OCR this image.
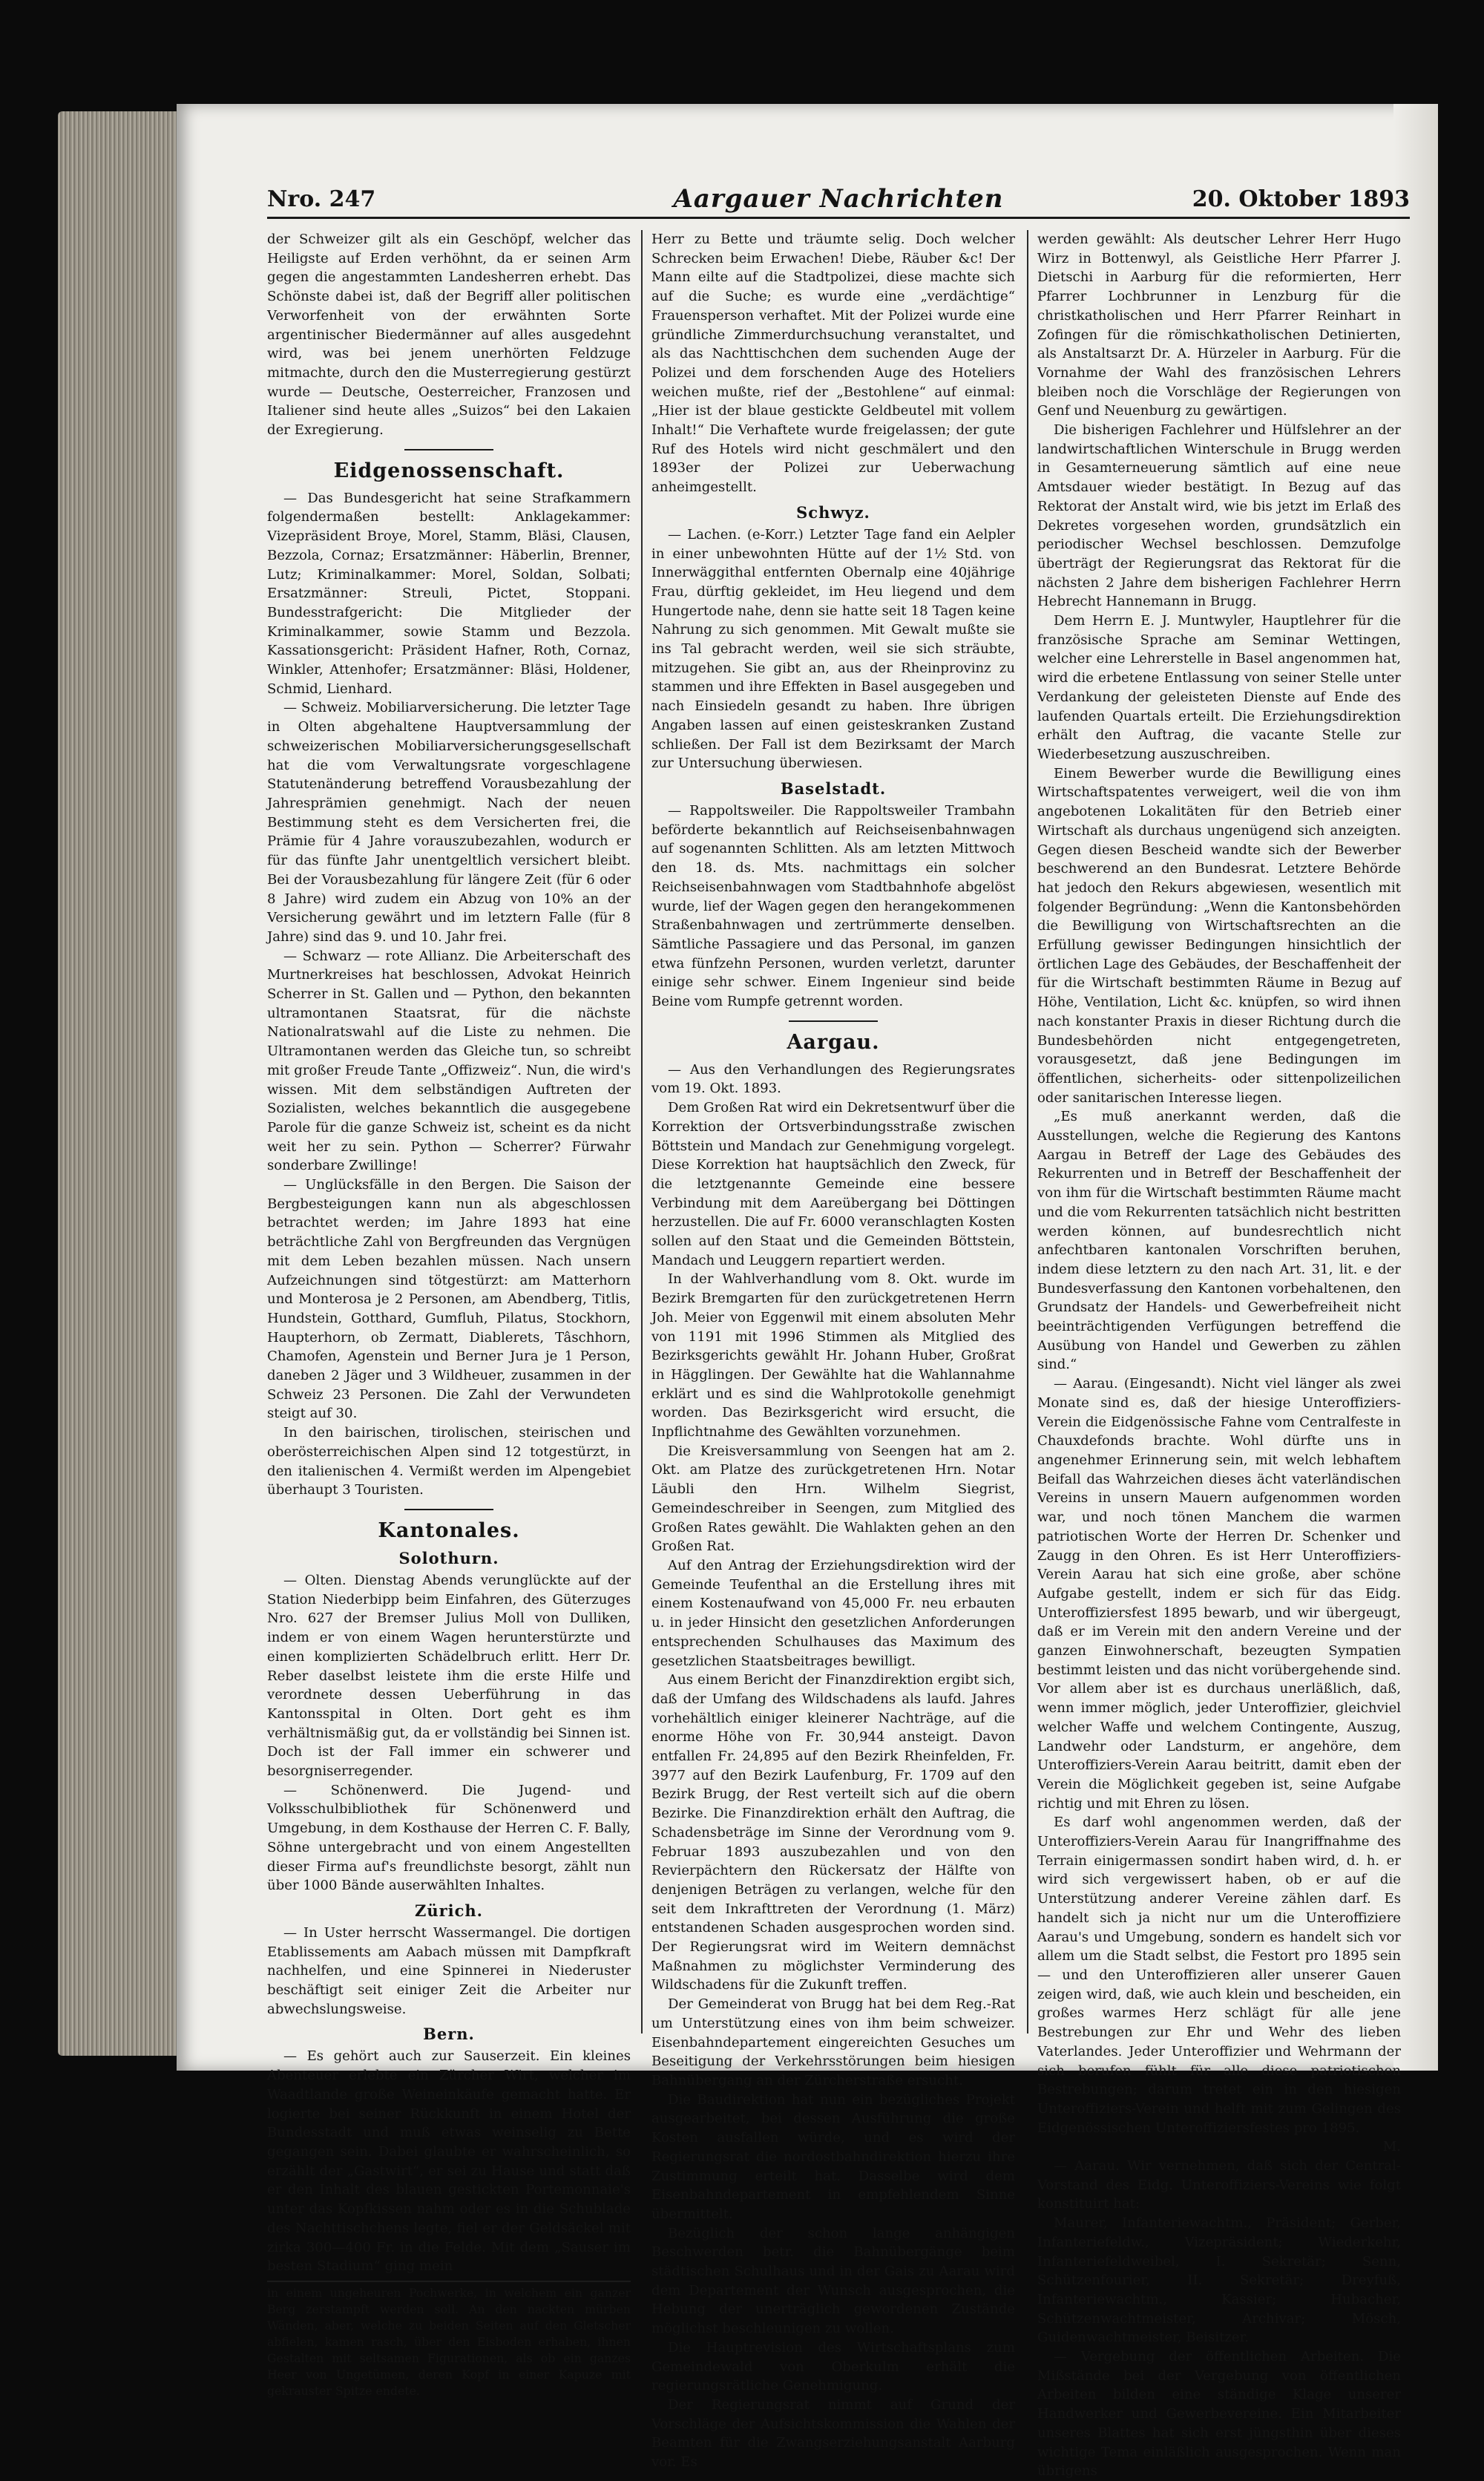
Nro. 247	Aargauer Nachrichten	20. Oktober 1893

der Schweizer gilt als ein Geschöpf, welcher das Heiligste auf Erden verhöhnt, da er seinen Arm gegen die angestammten Landesherren erhebt. Das Schönste dabei ist, daß der Begriff aller politischen Verworfenheit von der erwähnten Sorte argentinischer Biedermänner auf alles ausgedehnt wird, was bei jenem unerhörten Feldzuge mitmachte, durch den die Musterregierung gestürzt wurde — Deutsche, Oesterreicher, Franzosen und Italiener sind heute alles „Suizos“ bei den Lakaien der Exregierung.

Eidgenossenschaft.

— Das Bundesgericht hat seine Strafkammern folgendermaßen bestellt: Anklagekammer: Vizepräsident Broye, Morel, Stamm, Bläsi, Clausen, Bezzola, Cornaz; Ersatzmänner: Häberlin, Brenner, Lutz; Kriminalkammer: Morel, Soldan, Solbati; Ersatzmänner: Streuli, Pictet, Stoppani. Bundesstrafgericht: Die Mitglieder der Kriminalkammer, sowie Stamm und Bezzola. Kassationsgericht: Präsident Hafner, Roth, Cornaz, Winkler, Attenhofer; Ersatzmänner: Bläsi, Holdener, Schmid, Lienhard.

— Schweiz. Mobiliarversicherung. Die letzter Tage in Olten abgehaltene Hauptversammlung der schweizerischen Mobiliarversicherungsgesellschaft hat die vom Verwaltungsrate vorgeschlagene Statutenänderung betreffend Vorausbezahlung der Jahresprämien genehmigt. Nach der neuen Bestimmung steht es dem Versicherten frei, die Prämie für 4 Jahre vorauszubezahlen, wodurch er für das fünfte Jahr unentgeltlich versichert bleibt. Bei der Vorausbezahlung für längere Zeit (für 6 oder 8 Jahre) wird zudem ein Abzug von 10% an der Versicherung gewährt und im letztern Falle (für 8 Jahre) sind das 9. und 10. Jahr frei.

— Schwarz — rote Allianz. Die Arbeiterschaft des Murtnerkreises hat beschlossen, Advokat Heinrich Scherrer in St. Gallen und — Python, den bekannten ultramontanen Staatsrat, für die nächste Nationalratswahl auf die Liste zu nehmen. Die Ultramontanen werden das Gleiche tun, so schreibt mit großer Freude Tante „Offizweiz“. Nun, die wird's wissen. Mit dem selbständigen Auftreten der Sozialisten, welches bekanntlich die ausgegebene Parole für die ganze Schweiz ist, scheint es da nicht weit her zu sein. Python — Scherrer? Fürwahr sonderbare Zwillinge!

— Unglücksfälle in den Bergen. Die Saison der Bergbesteigungen kann nun als abgeschlossen betrachtet werden; im Jahre 1893 hat eine beträchtliche Zahl von Bergfreunden das Vergnügen mit dem Leben bezahlen müssen. Nach unsern Aufzeichnungen sind tötgestürzt: am Matterhorn und Monterosa je 2 Personen, am Abendberg, Titlis, Hundstein, Gotthard, Gumfluh, Pilatus, Stockhorn, Haupterhorn, ob Zermatt, Diablerets, Tâschhorn, Chamofen, Agenstein und Berner Jura je 1 Person, daneben 2 Jäger und 3 Wildheuer, zusammen in der Schweiz 23 Personen. Die Zahl der Verwundeten steigt auf 30.

In den bairischen, tirolischen, steirischen und oberösterreichischen Alpen sind 12 totgestürzt, in den italienischen 4. Vermißt werden im Alpengebiet überhaupt 3 Touristen.

Kantonales.
Solothurn.

— Olten. Dienstag Abends verunglückte auf der Station Niederbipp beim Einfahren, des Güterzuges Nro. 627 der Bremser Julius Moll von Dulliken, indem er von einem Wagen herunterstürzte und einen komplizierten Schädelbruch erlitt. Herr Dr. Reber daselbst leistete ihm die erste Hilfe und verordnete dessen Ueberführung in das Kantonsspital in Olten. Dort geht es ihm verhältnismäßig gut, da er vollständig bei Sinnen ist. Doch ist der Fall immer ein schwerer und besorgniserregender.

— Schönenwerd. Die Jugend- und Volksschulbibliothek für Schönenwerd und Umgebung, in dem Kosthause der Herren C. F. Bally, Söhne untergebracht und von einem Angestellten dieser Firma auf's freundlichste besorgt, zählt nun über 1000 Bände auserwählten Inhaltes.

Zürich.

— In Uster herrscht Wassermangel. Die dortigen Etablissements am Aabach müssen mit Dampfkraft nachhelfen, und eine Spinnerei in Niederuster beschäftigt seit einiger Zeit die Arbeiter nur abwechslungsweise.

Bern.

— Es gehört auch zur Sauserzeit. Ein kleines Abenteuer erlebte ein Zürcher Wirt, welcher im Waadtlande große Weineinkäufe gemacht hatte. Er logierte bei seiner Rückkunft in einem Hotel der Bundesstadt und muß etwas weinselig zu Bette gegangen sein. Dabei glaubte er wahrscheinlich, so erzählt der „Gastwirt“, er sei zu Hause und statt daß er den Inhalt des blauen gestickten Portemonnaie's unter das Kopfkissen nahm oder es in die Schublade des Nachttischchens legte, fiel er der Geldsäckel mit zirka 300—400 Fr. in die Felde. Mit dem „Sauser im besten Stadium“ ging mein

in einem ungeheuren Pochwerke, in welchem ein ganzer Berg zerstampft werden soll. An den nackten mürben Wänden, aber, welche zu beiden Seiten auf den Gletscher abfielen, kamen rasch, über den Eisboden erhaben, ihnen Gestalten mit seltsamen Figurationen, als ob ein ganzes Heer von Ungetümen, deren Kopf in einer Kapuze mit gekrauster Spitze endete.

Herr zu Bette und träumte selig. Doch welcher Schrecken beim Erwachen! Diebe, Räuber &c! Der Mann eilte auf die Stadtpolizei, diese machte sich auf die Suche; es wurde eine „verdächtige“ Frauensperson verhaftet. Mit der Polizei wurde eine gründliche Zimmerdurchsuchung veranstaltet, und als das Nachttischchen dem suchenden Auge der Polizei und dem forschenden Auge des Hoteliers weichen mußte, rief der „Bestohlene“ auf einmal: „Hier ist der blaue gestickte Geldbeutel mit vollem Inhalt!“ Die Verhaftete wurde freigelassen; der gute Ruf des Hotels wird nicht geschmälert und den 1893er der Polizei zur Ueberwachung anheimgestellt.

Schwyz.

— Lachen. (e-Korr.) Letzter Tage fand ein Aelpler in einer unbewohnten Hütte auf der 1½ Std. von Innerwäggithal entfernten Obernalp eine 40jährige Frau, dürftig gekleidet, im Heu liegend und dem Hungertode nahe, denn sie hatte seit 18 Tagen keine Nahrung zu sich genommen. Mit Gewalt mußte sie ins Tal gebracht werden, weil sie sich sträubte, mitzugehen. Sie gibt an, aus der Rheinprovinz zu stammen und ihre Effekten in Basel ausgegeben und nach Einsiedeln gesandt zu haben. Ihre übrigen Angaben lassen auf einen geisteskranken Zustand schließen. Der Fall ist dem Bezirksamt der March zur Untersuchung überwiesen.

Baselstadt.

— Rappoltsweiler. Die Rappoltsweiler Trambahn beförderte bekanntlich auf Reichseisenbahnwagen auf sogenannten Schlitten. Als am letzten Mittwoch den 18. ds. Mts. nachmittags ein solcher Reichseisenbahnwagen vom Stadtbahnhofe abgelöst wurde, lief der Wagen gegen den herangekommenen Straßenbahnwagen und zertrümmerte denselben. Sämtliche Passagiere und das Personal, im ganzen etwa fünfzehn Personen, wurden verletzt, darunter einige sehr schwer. Einem Ingenieur sind beide Beine vom Rumpfe getrennt worden.

Aargau.

— Aus den Verhandlungen des Regierungsrates vom 19. Okt. 1893.

Dem Großen Rat wird ein Dekretsentwurf über die Korrektion der Ortsverbindungsstraße zwischen Böttstein und Mandach zur Genehmigung vorgelegt. Diese Korrektion hat hauptsächlich den Zweck, für die letztgenannte Gemeinde eine bessere Verbindung mit dem Aareübergang bei Döttingen herzustellen. Die auf Fr. 6000 veranschlagten Kosten sollen auf den Staat und die Gemeinden Böttstein, Mandach und Leuggern repartiert werden.

In der Wahlverhandlung vom 8. Okt. wurde im Bezirk Bremgarten für den zurückgetretenen Herrn Joh. Meier von Eggenwil mit einem absoluten Mehr von 1191 mit 1996 Stimmen als Mitglied des Bezirksgerichts gewählt Hr. Johann Huber, Großrat in Hägglingen. Der Gewählte hat die Wahlannahme erklärt und es sind die Wahlprotokolle genehmigt worden. Das Bezirksgericht wird ersucht, die Inpflichtnahme des Gewählten vorzunehmen.

Die Kreisversammlung von Seengen hat am 2. Okt. am Platze des zurückgetretenen Hrn. Notar Läubli den Hrn. Wilhelm Siegrist, Gemeindeschreiber in Seengen, zum Mitglied des Großen Rates gewählt. Die Wahlakten gehen an den Großen Rat.

Auf den Antrag der Erziehungsdirektion wird der Gemeinde Teufenthal an die Erstellung ihres mit einem Kostenaufwand von 45,000 Fr. neu erbauten u. in jeder Hinsicht den gesetzlichen Anforderungen entsprechenden Schulhauses das Maximum des gesetzlichen Staatsbeitrages bewilligt.

Aus einem Bericht der Finanzdirektion ergibt sich, daß der Umfang des Wildschadens als laufd. Jahres vorhehältlich einiger kleinerer Nachträge, auf die enorme Höhe von Fr. 30,944 ansteigt. Davon entfallen Fr. 24,895 auf den Bezirk Rheinfelden, Fr. 3977 auf den Bezirk Laufenburg, Fr. 1709 auf den Bezirk Brugg, der Rest verteilt sich auf die obern Bezirke. Die Finanzdirektion erhält den Auftrag, die Schadensbeträge im Sinne der Verordnung vom 9. Februar 1893 auszubezahlen und von den Revierpächtern den Rückersatz der Hälfte von denjenigen Beträgen zu verlangen, welche für den seit dem Inkrafttreten der Verordnung (1. März) entstandenen Schaden ausgesprochen worden sind. Der Regierungsrat wird im Weitern demnächst Maßnahmen zu möglichster Verminderung des Wildschadens für die Zukunft treffen.

Der Gemeinderat von Brugg hat bei dem Reg.-Rat um Unterstützung eines von ihm beim schweizer. Eisenbahndepartement eingereichten Gesuches um Beseitigung der Verkehrsstörungen beim hiesigen Bahnübergang an der Zürcherstraße ersucht.

Die Baudirektion hat nun ein bezügliches Projekt ausgearbeitet, bei dessen Ausführung die große Kosten ausfallen würde, und es wird der Regierungsrat die nordostbahndirektion hierzu ihre Zustimmung erteilt hat. Dasselbe wird dem Eisenbahndepartement in empfehlendem Sinne übermittelt.

Bezüglich der schon lange anhängigen Beschwerden betr. die Bahnübergänge beim städtischen Schulhaus und in der Gais zu Aarau wird dem Departement der Wunsch ausgesprochen, die Hebung der unerträglich gewordenen Zustände möglichst beschleunigen zu wollen.

Die Hauptrevision des Wirtschaftsplans zum Gemeindewald von Oberkulm erhält die regierungsrätliche Genehmigung.

Der Regierungsrat nimmt auf Grund der Vorschläge der Aufsichtskommission die Wahlen der Beamten für die Zwangserziehungsanstalt Aarburg vor. Es

werden gewählt: Als deutscher Lehrer Herr Hugo Wirz in Bottenwyl, als Geistliche Herr Pfarrer J. Dietschi in Aarburg für die reformierten, Herr Pfarrer Lochbrunner in Lenzburg für die christkatholischen und Herr Pfarrer Reinhart in Zofingen für die römischkatholischen Detinierten, als Anstaltsarzt Dr. A. Hürzeler in Aarburg. Für die Vornahme der Wahl des französischen Lehrers bleiben noch die Vorschläge der Regierungen von Genf und Neuenburg zu gewärtigen.

Die bisherigen Fachlehrer und Hülfslehrer an der landwirtschaftlichen Winterschule in Brugg werden in Gesamterneuerung sämtlich auf eine neue Amtsdauer wieder bestätigt. In Bezug auf das Rektorat der Anstalt wird, wie bis jetzt im Erlaß des Dekretes vorgesehen worden, grundsätzlich ein periodischer Wechsel beschlossen. Demzufolge überträgt der Regierungsrat das Rektorat für die nächsten 2 Jahre dem bisherigen Fachlehrer Herrn Hebrecht Hannemann in Brugg.

Dem Herrn E. J. Muntwyler, Hauptlehrer für die französische Sprache am Seminar Wettingen, welcher eine Lehrerstelle in Basel angenommen hat, wird die erbetene Entlassung von seiner Stelle unter Verdankung der geleisteten Dienste auf Ende des laufenden Quartals erteilt. Die Erziehungsdirektion erhält den Auftrag, die vacante Stelle zur Wiederbesetzung auszuschreiben.

Einem Bewerber wurde die Bewilligung eines Wirtschaftspatentes verweigert, weil die von ihm angebotenen Lokalitäten für den Betrieb einer Wirtschaft als durchaus ungenügend sich anzeigten. Gegen diesen Bescheid wandte sich der Bewerber beschwerend an den Bundesrat. Letztere Behörde hat jedoch den Rekurs abgewiesen, wesentlich mit folgender Begründung: „Wenn die Kantonsbehörden die Bewilligung von Wirtschaftsrechten an die Erfüllung gewisser Bedingungen hinsichtlich der örtlichen Lage des Gebäudes, der Beschaffenheit der für die Wirtschaft bestimmten Räume in Bezug auf Höhe, Ventilation, Licht &c. knüpfen, so wird ihnen nach konstanter Praxis in dieser Richtung durch die Bundesbehörden nicht entgegengetreten, vorausgesetzt, daß jene Bedingungen im öffentlichen, sicherheits- oder sittenpolizeilichen oder sanitarischen Interesse liegen.

„Es muß anerkannt werden, daß die Ausstellungen, welche die Regierung des Kantons Aargau in Betreff der Lage des Gebäudes des Rekurrenten und in Betreff der Beschaffenheit der von ihm für die Wirtschaft bestimmten Räume macht und die vom Rekurrenten tatsächlich nicht bestritten werden können, auf bundesrechtlich nicht anfechtbaren kantonalen Vorschriften beruhen, indem diese letztern zu den nach Art. 31, lit. e der Bundesverfassung den Kantonen vorbehaltenen, den Grundsatz der Handels- und Gewerbefreiheit nicht beeinträchtigenden Verfügungen betreffend die Ausübung von Handel und Gewerben zu zählen sind.“

— Aarau. (Eingesandt). Nicht viel länger als zwei Monate sind es, daß der hiesige Unteroffiziers-Verein die Eidgenössische Fahne vom Centralfeste in Chauxdefonds brachte. Wohl dürfte uns in angenehmer Erinnerung sein, mit welch lebhaftem Beifall das Wahrzeichen dieses ächt vaterländischen Vereins in unsern Mauern aufgenommen worden war, und noch tönen Manchem die warmen patriotischen Worte der Herren Dr. Schenker und Zaugg in den Ohren. Es ist Herr Unteroffiziers-Verein Aarau hat sich eine große, aber schöne Aufgabe gestellt, indem er sich für das Eidg. Unteroffiziersfest 1895 bewarb, und wir übergeugt, daß er im Verein mit den andern Vereine und der ganzen Einwohnerschaft, bezeugten Sympatien bestimmt leisten und das nicht vorübergehende sind. Vor allem aber ist es durchaus unerläßlich, daß, wenn immer möglich, jeder Unteroffizier, gleichviel welcher Waffe und welchem Contingente, Auszug, Landwehr oder Landsturm, er angehöre, dem Unteroffiziers-Verein Aarau beitritt, damit eben der Verein die Möglichkeit gegeben ist, seine Aufgabe richtig und mit Ehren zu lösen.

Es darf wohl angenommen werden, daß der Unteroffiziers-Verein Aarau für Inangriffnahme des Terrain einigermassen sondirt haben wird, d. h. er wird sich vergewissert haben, ob er auf die Unterstützung anderer Vereine zählen darf. Es handelt sich ja nicht nur um die Unteroffiziere Aarau's und Umgebung, sondern es handelt sich vor allem um die Stadt selbst, die Festort pro 1895 sein — und den Unteroffizieren aller unserer Gauen zeigen wird, daß, wie auch klein und bescheiden, ein großes warmes Herz schlägt für alle jene Bestrebungen zur Ehr und Wehr des lieben Vaterlandes. Jeder Unteroffizier und Wehrmann der sich berufen fühlt für alle diese patriotischen Bestrebungen; darum tretet ein in den hiesigen Unteroffiziers-Verein und helft mit zum Gelingen des Eidgenössischen Unteroffiziersfestes pro 1895.

M.

— Aarau. Wir vernehmen, daß sich der Central-Vorstand des Eidg. Unteroffiziers-Vereins wie folgt konstituirt hat:

Maurer, Infanteriewachtm., Präsident; Gerber, Infanteriefeldw., Vizepräsident; Wiederkehr, Infanteriefeldweibel, I. Sekretär; Senn, Schützenfourier, II. Sekretär; Dreyfuß, Infanteriewachtm., Kassier; Hubacher, Schützenwachtmeister, Archivar; Mösch, Guidenwachtmeister, Beisitzer.

— Vergebung der öffentlichen Arbeiten. Die Mißstände bei der Vergebung von öffentlichen Arbeiten bilden eine ständige Klage unserer Handwerker und Gewerbevereine. Ein Mitarbeiter unseres Blattes hat sich erst jüngsthin über dieses wichtige Tema einläßlich ausgesprochen. Wenn man übrigens
